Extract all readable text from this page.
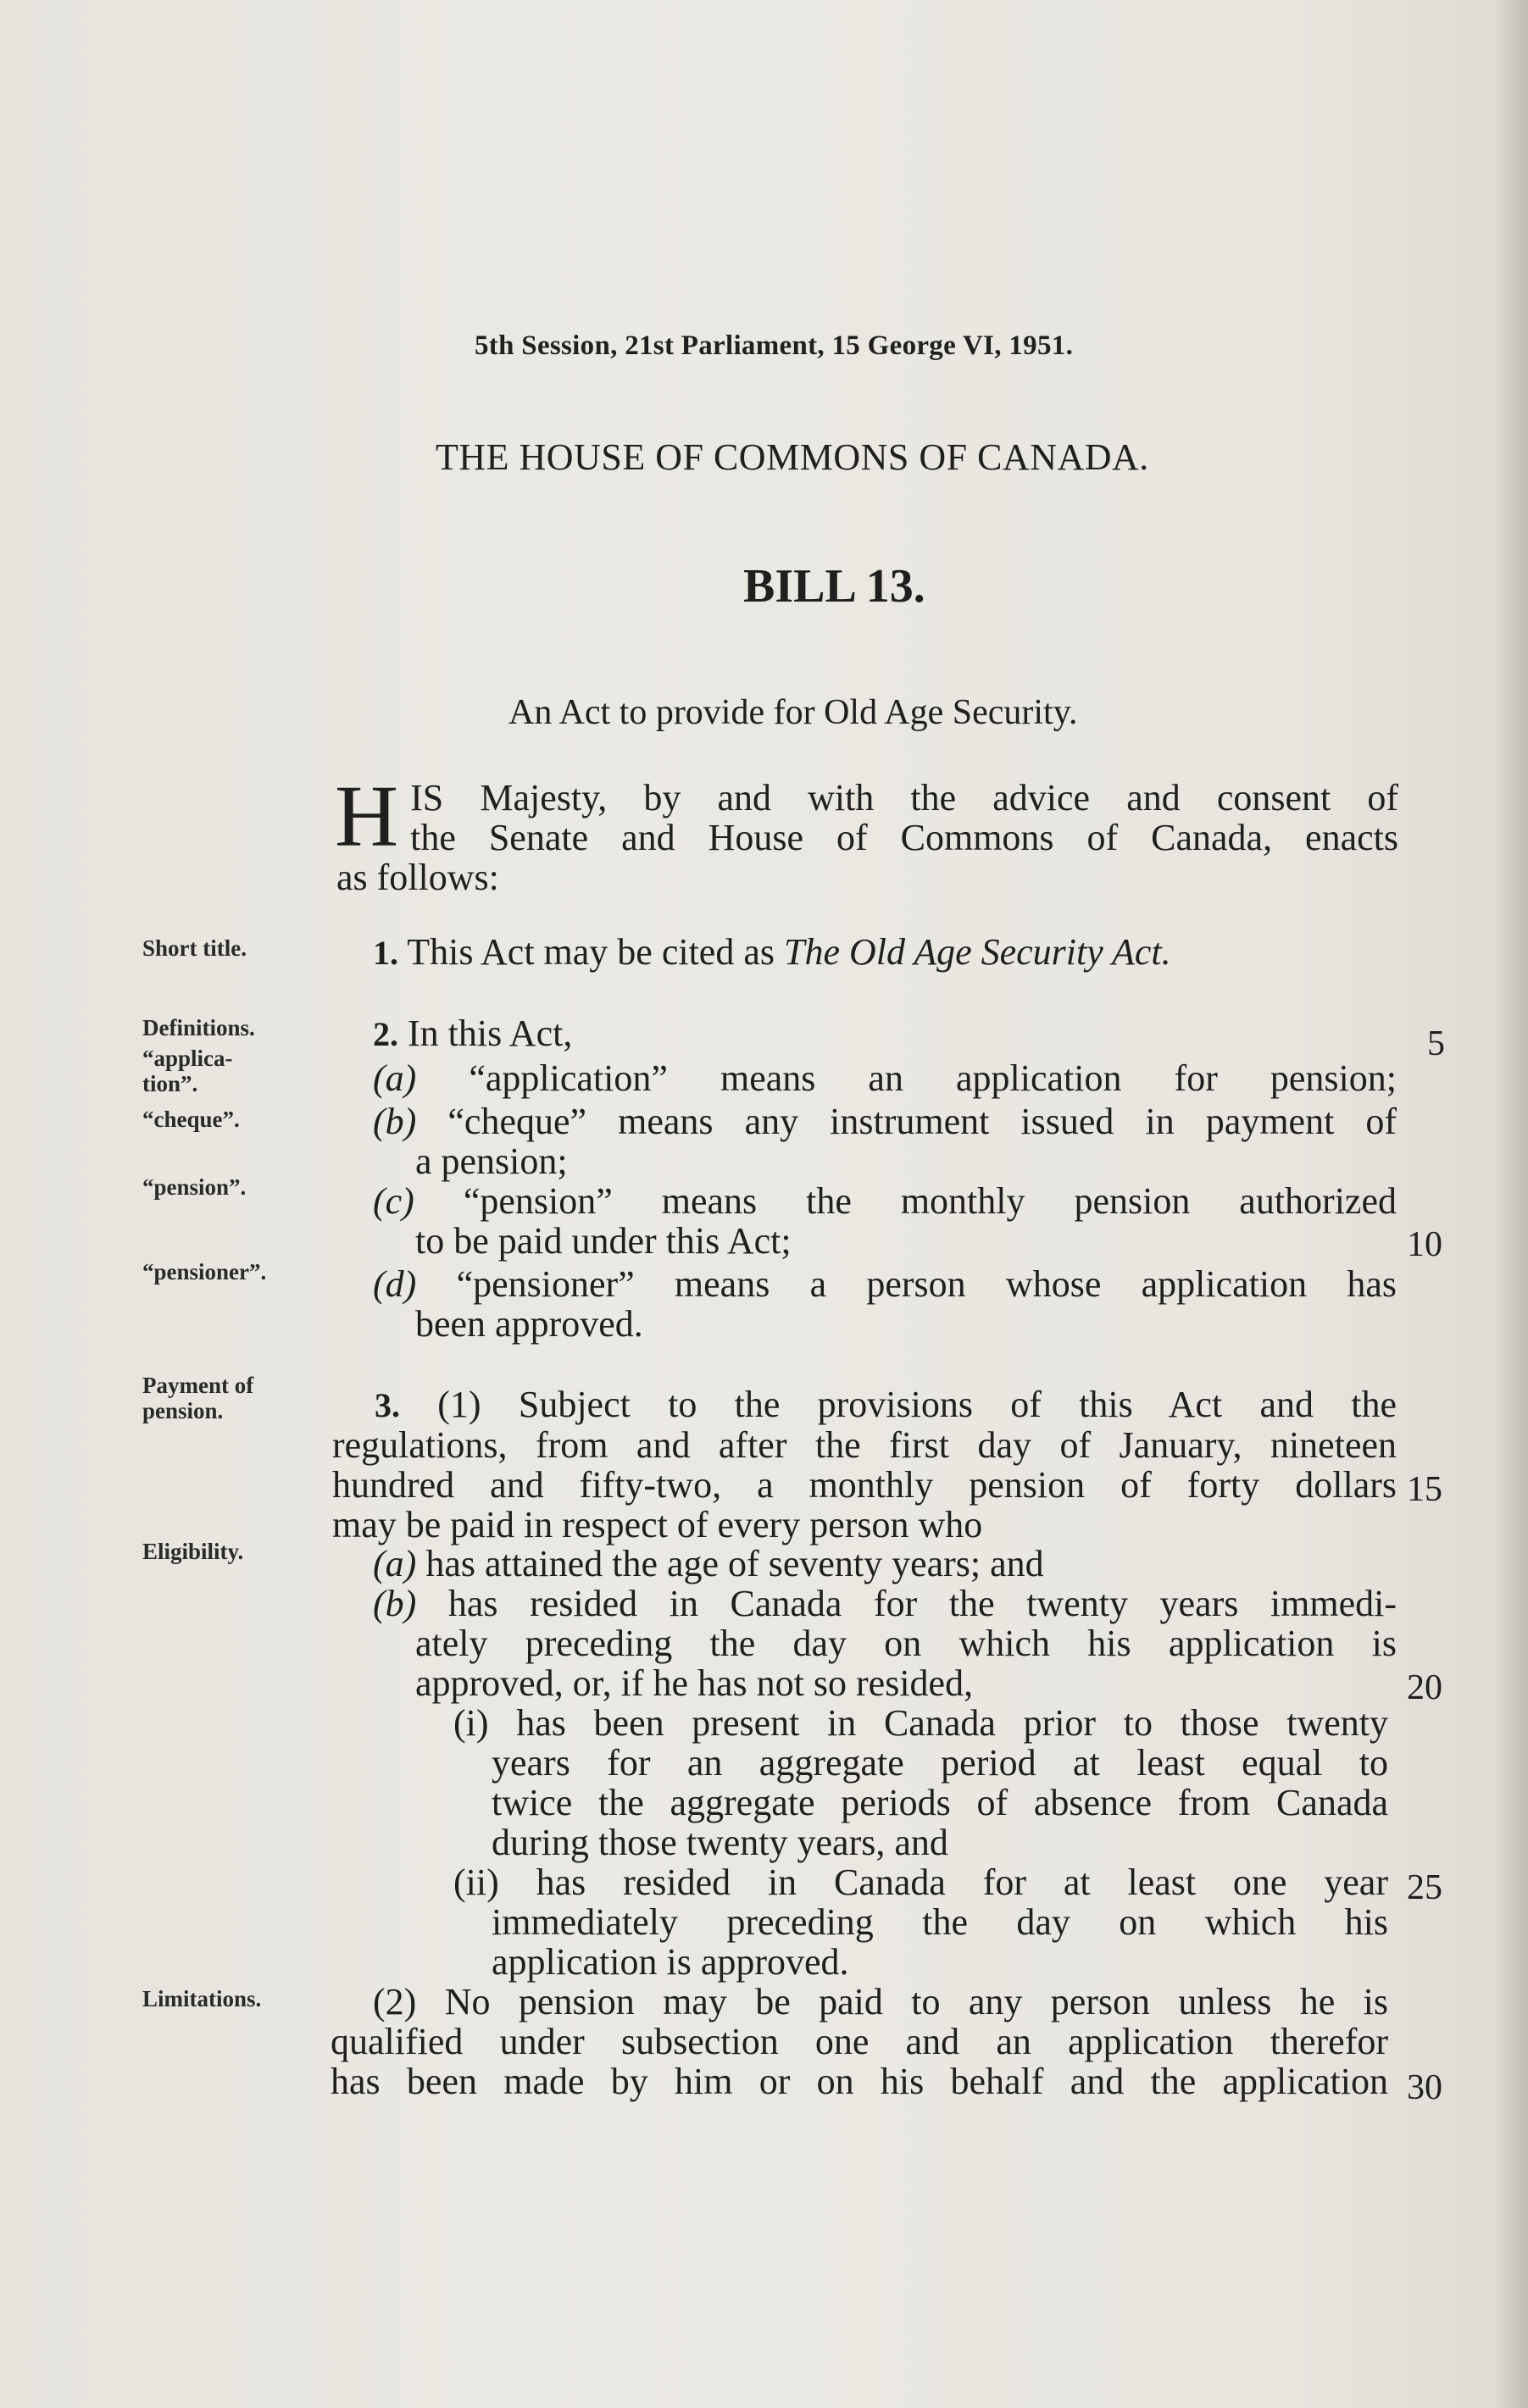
5th Session, 21st Parliament, 15 George VI, 1951.
THE HOUSE OF COMMONS OF CANADA.
BILL 13.
An Act to provide for Old Age Security.
H IS Majesty, by and with the advice and consent of
the Senate and House of Commons of Canada, enacts
as follows:
Short title.	1. This Act may be cited as The Old Age Security Act.
Definitions.
“applica-
tion”.
“cheque”.
“pension”.
“pensioner”.
2. In this Act,
(a) “application” means an application for pension;
(b) “cheque” means any instrument issued in payment of
a pension;
(c) “pension” means the monthly pension authorized
to be paid under this Act;
(d) “pensioner” means a person whose application has
been approved.
Payment of
pension.
Eligibility.
Limitations.
3. (1) Subject to the provisions of this Act and the
regulations, from and after the first day of January, nineteen
hundred and fifty-two, a monthly pension of forty dollars
may be paid in respect of every person who
(a) has attained the age of seventy years; and
(b) has resided in Canada for the twenty years immedi-
ately preceding the day on which his application is
approved, or, if he has not so resided,
(i) has been present in Canada prior to those twenty
years for an aggregate period at least equal to
twice the aggregate periods of absence from Canada
during those twenty years, and
(ii) has resided in Canada for at least one year
immediately preceding the day on which his
application is approved.
(2) No pension may be paid to any person unless he is
qualified under subsection one and an application therefor
has been made by him or on his behalf and the application
5
10
15
20
25
30
